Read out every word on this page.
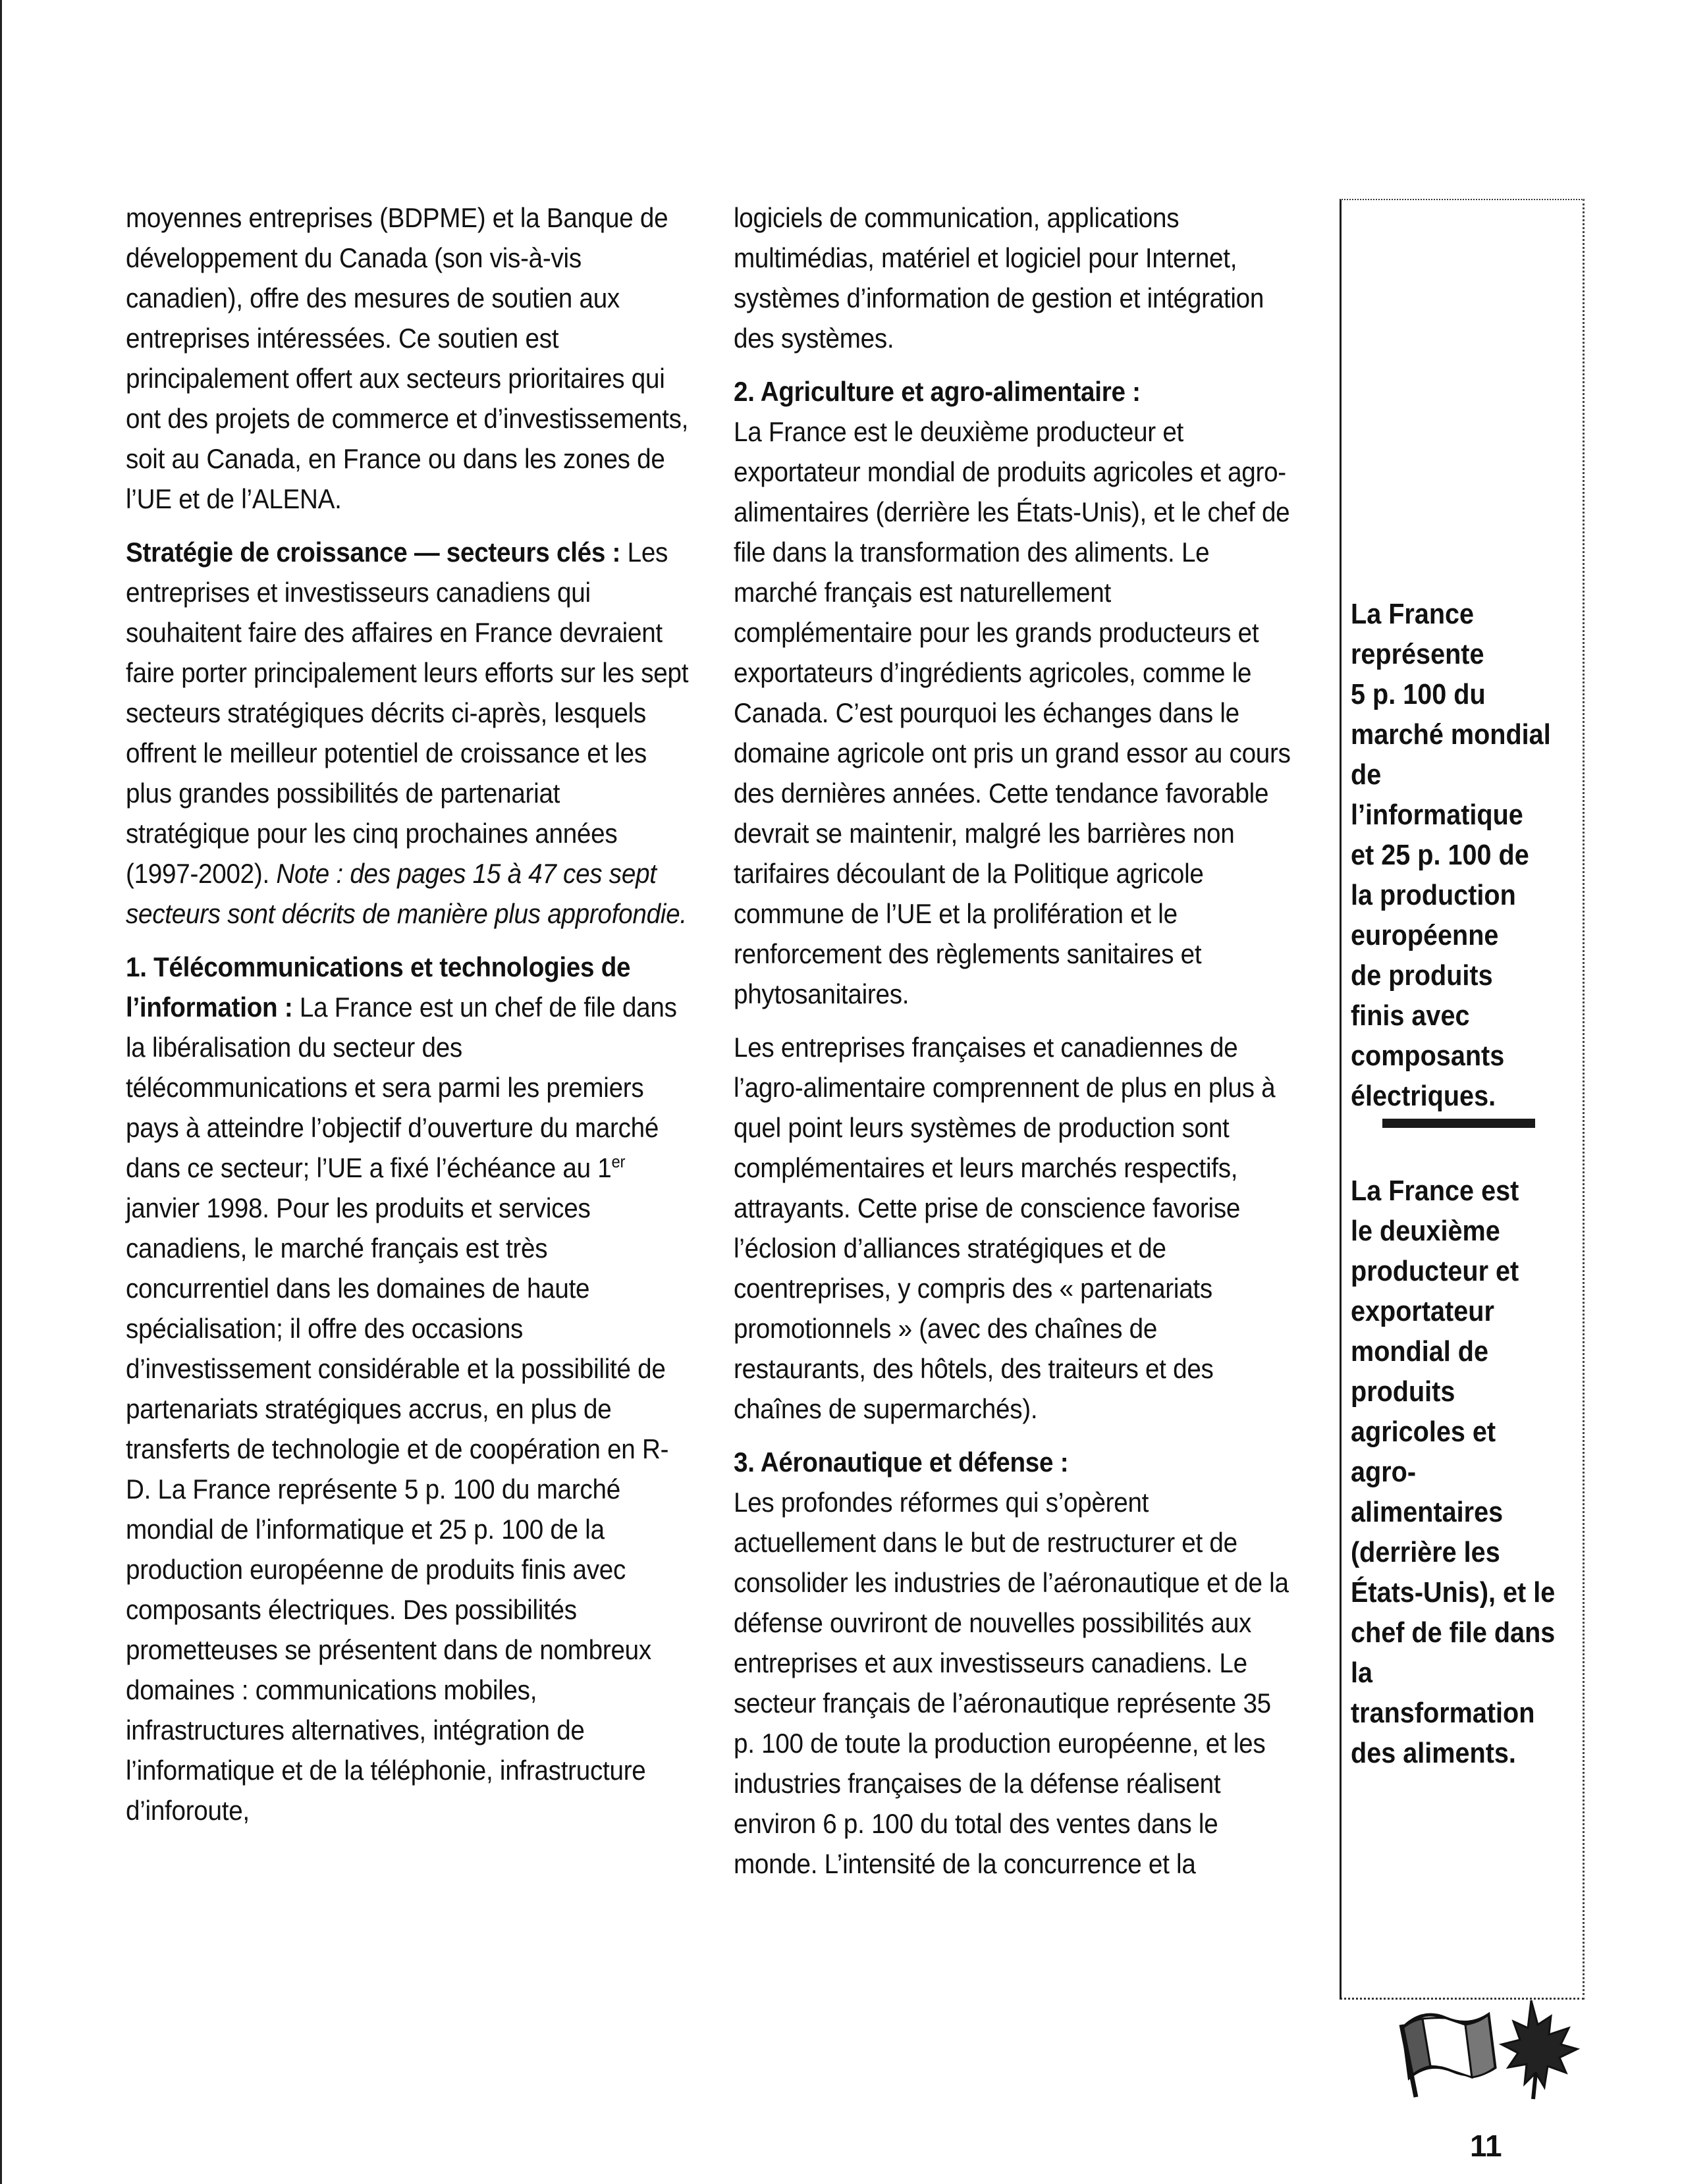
moyennes entreprises (BDPME) et la Banque de développement du Canada (son vis-à-vis canadien), offre des mesures de soutien aux entreprises intéressées. Ce soutien est principalement offert aux secteurs prioritaires qui ont des projets de commerce et d’investissements, soit au Canada, en France ou dans les zones de l’UE et de l’ALENA.

Stratégie de croissance — secteurs clés : Les entreprises et investisseurs canadiens qui souhaitent faire des affaires en France devraient faire porter principalement leurs efforts sur les sept secteurs stratégiques décrits ci-après, lesquels offrent le meilleur potentiel de croissance et les plus grandes possibilités de partenariat stratégique pour les cinq prochaines années (1997-2002). Note : des pages 15 à 47 ces sept secteurs sont décrits de manière plus approfondie.

1. Télécommunications et technologies de l’information : La France est un chef de file dans la libéralisation du secteur des télécommunications et sera parmi les premiers pays à atteindre l’objectif d’ouverture du marché dans ce secteur; l’UE a fixé l’échéance au 1er janvier 1998. Pour les produits et services canadiens, le marché français est très concurrentiel dans les domaines de haute spécialisation; il offre des occasions d’investissement considérable et la possibilité de partenariats stratégiques accrus, en plus de transferts de technologie et de coopération en R-D. La France représente 5 p. 100 du marché mondial de l’informatique et 25 p. 100 de la production européenne de produits finis avec composants électriques. Des possibilités prometteuses se présentent dans de nombreux domaines : communications mobiles, infrastructures alternatives, intégration de l’informatique et de la téléphonie, infrastructure d’inforoute,

logiciels de communication, applications multimédias, matériel et logiciel pour Internet, systèmes d’information de gestion et intégration des systèmes.

2. Agriculture et agro-alimentaire :

La France est le deuxième producteur et exportateur mondial de produits agricoles et agro-alimentaires (derrière les États-Unis), et le chef de file dans la transformation des aliments. Le marché français est naturellement complémentaire pour les grands producteurs et exportateurs d’ingrédients agricoles, comme le Canada. C’est pourquoi les échanges dans le domaine agricole ont pris un grand essor au cours des dernières années. Cette tendance favorable devrait se maintenir, malgré les barrières non tarifaires découlant de la Politique agricole commune de l’UE et la prolifération et le renforcement des règlements sanitaires et phytosanitaires.

Les entreprises françaises et canadiennes de l’agro-alimentaire comprennent de plus en plus à quel point leurs systèmes de production sont complémentaires et leurs marchés respectifs, attrayants. Cette prise de conscience favorise l’éclosion d’alliances stratégiques et de coentreprises, y compris des « partenariats promotionnels » (avec des chaînes de restaurants, des hôtels, des traiteurs et des chaînes de supermarchés).

3. Aéronautique et défense :

Les profondes réformes qui s’opèrent actuellement dans le but de restructurer et de consolider les industries de l’aéronautique et de la défense ouvriront de nouvelles possibilités aux entreprises et aux investisseurs canadiens. Le secteur français de l’aéronautique représente 35 p. 100 de toute la production européenne, et les industries françaises de la défense réalisent environ 6 p. 100 du total des ventes dans le monde. L’intensité de la concurrence et la

La France
représente
5 p. 100 du
marché mondial
de l’informatique
et 25 p. 100 de
la production
européenne
de produits
finis avec
composants
électriques.
La France est
le deuxième
producteur et
exportateur
mondial de
produits
agricoles et
agro-
alimentaires
(derrière les
États-Unis), et le
chef de file dans
la transformation
des aliments.
11
